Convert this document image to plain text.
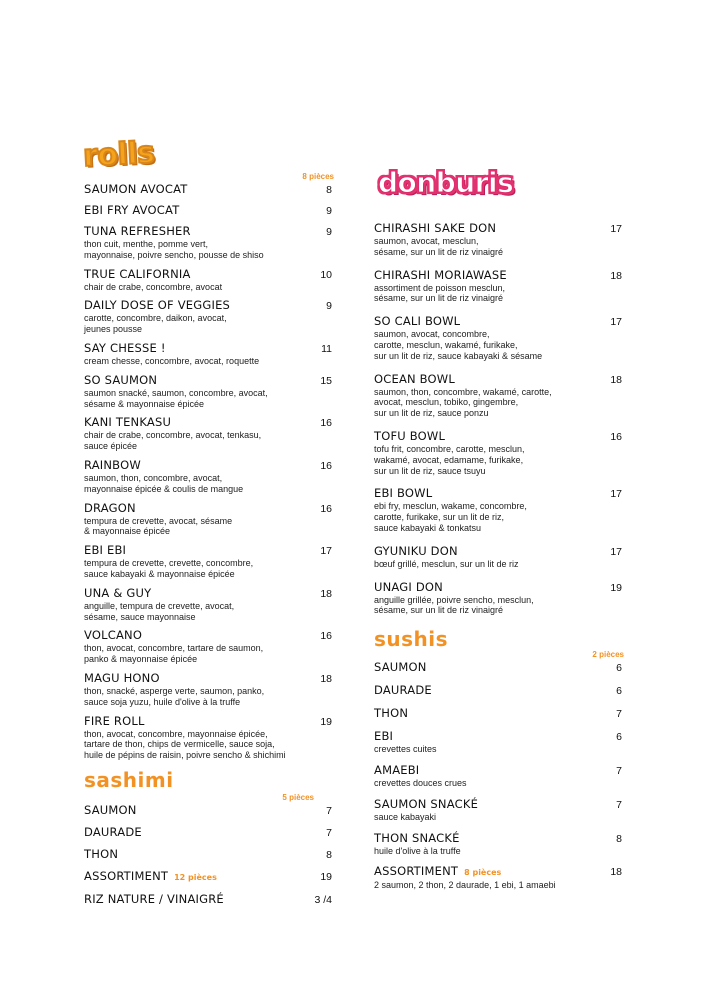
rolls
8 pièces
SAUMON AVOCAT	8
EBI FRY AVOCAT	9
TUNA REFRESHER	9
thon cuit, menthe, pomme vert,
mayonnaise, poivre sencho, pousse de shiso
TRUE CALIFORNIA	10
chair de crabe, concombre, avocat
DAILY DOSE OF VEGGIES	9
carotte, concombre, daikon, avocat,
jeunes pousse
SAY CHESSE !	11
cream chesse, concombre, avocat, roquette
SO SAUMON	15
saumon snacké, saumon, concombre, avocat,
sésame & mayonnaise épicée
KANI TENKASU	16
chair de crabe, concombre, avocat, tenkasu,
sauce épicée
RAINBOW	16
saumon, thon, concombre, avocat,
mayonnaise épicée & coulis de mangue
DRAGON	16
tempura de crevette, avocat, sésame
& mayonnaise épicée
EBI EBI	17
tempura de crevette, crevette, concombre,
sauce kabayaki & mayonnaise épicée
UNA & GUY	18
anguille, tempura de crevette, avocat,
sésame, sauce mayonnaise
VOLCANO	16
thon, avocat, concombre, tartare de saumon,
panko & mayonnaise épicée
MAGU HONO	18
thon, snacké, asperge verte, saumon, panko,
sauce soja yuzu, huile d'olive à la truffe
FIRE ROLL	19
thon, avocat, concombre, mayonnaise épicée,
tartare de thon, chips de vermicelle, sauce soja,
huile de pépins de raisin, poivre sencho & shichimi
sashimi
5 pièces
SAUMON	7
DAURADE	7
THON	8
ASSORTIMENT 12 pièces	19
RIZ NATURE / VINAIGRÉ	3 /4
donburis
CHIRASHI SAKE DON	17
saumon, avocat, mesclun,
sésame, sur un lit de riz vinaigré
CHIRASHI MORIAWASE	18
assortiment de poisson mesclun,
sésame, sur un lit de riz vinaigré
SO CALI BOWL	17
saumon, avocat, concombre,
carotte, mesclun, wakamé, furikake,
sur un lit de riz, sauce kabayaki & sésame
OCEAN BOWL	18
saumon, thon, concombre, wakamé, carotte,
avocat, mesclun, tobiko, gingembre,
sur un lit de riz, sauce ponzu
TOFU BOWL	16
tofu frit, concombre, carotte, mesclun,
wakamé, avocat, edamame, furikake,
sur un lit de riz, sauce tsuyu
EBI BOWL	17
ebi fry, mesclun, wakame, concombre,
carotte, furikake, sur un lit de riz,
sauce kabayaki & tonkatsu
GYUNIKU DON	17
bœuf grillé, mesclun, sur un lit de riz
UNAGI DON	19
anguille grillée, poivre sencho, mesclun,
sésame, sur un lit de riz vinaigré
sushis
2 pièces
SAUMON	6
DAURADE	6
THON	7
EBI	6
crevettes cuites
AMAEBI	7
crevettes douces crues
SAUMON SNACKÉ	7
sauce kabayaki
THON SNACKÉ	8
huile d'olive à la truffe
ASSORTIMENT 8 pièces	18
2 saumon, 2 thon, 2 daurade, 1 ebi, 1 amaebi
